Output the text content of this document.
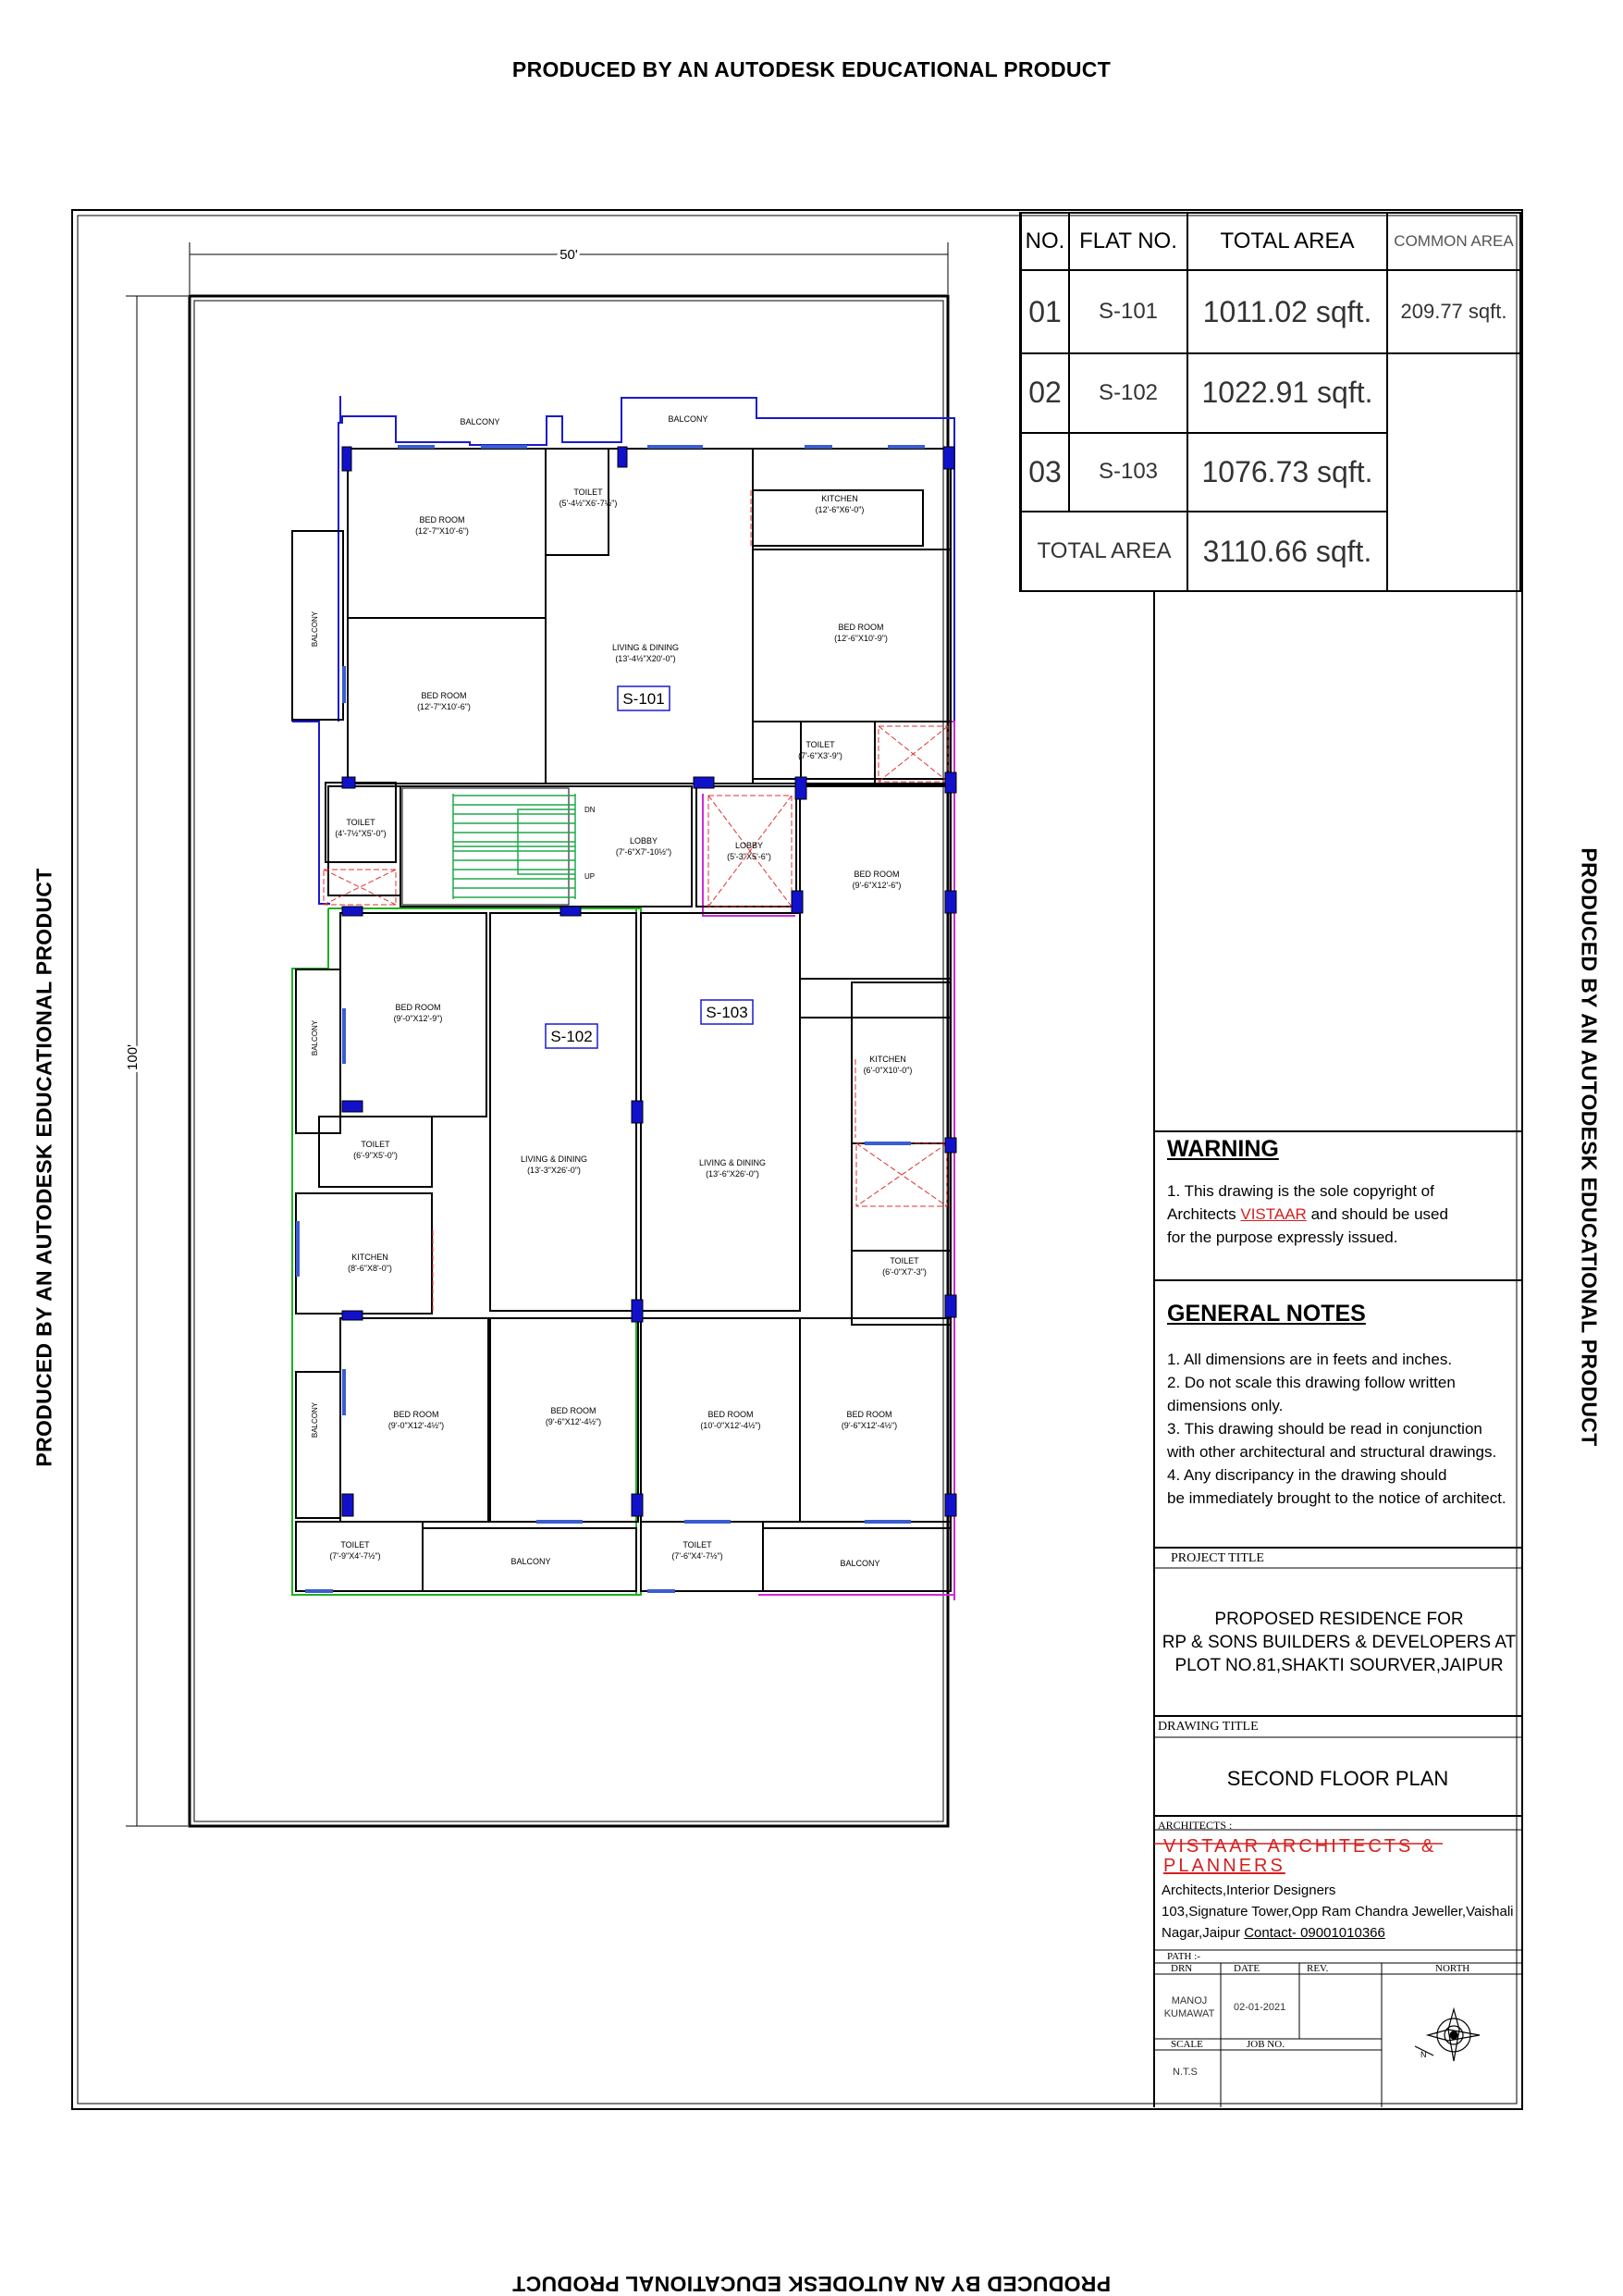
PRODUCED BY AN AUTODESK EDUCATIONAL PRODUCT
PRODUCED BY AN AUTODESK EDUCATIONAL PRODUCT	PRODUCED BY AN AUTODESK EDUCATIONAL PRODUCT
PRODUCED BY AN AUTODESK EDUCATIONAL PRODUCT
50'
100'
DN
UP
S-101
S-102
S-103
BALCONY	BALCONY
BED ROOM
(12'-7"X10'-6")
TOILET
(5'-4½"X6'-7½")	KITCHEN
(12'-6"X6'-0")
LIVING & DINING
(13'-4½"X20'-0")
BED ROOM
(12'-6"X10'-9")
BED ROOM
(12'-7"X10'-6")
TOILET
(7'-6"X3'-9")
TOILET
(4'-7½"X5'-0")
LOBBY
(7'-6"X7'-10½")
LOBBY
(5'-3"X5'-6")
BED ROOM
(9'-6"X12'-6")
BED ROOM
(9'-0"X12'-9")
KITCHEN
(6'-0"X10'-0")
TOILET
(6'-9"X5'-0")	LIVING & DINING
(13'-3"X26'-0")
LIVING & DINING
(13'-6"X26'-0")
KITCHEN
(8'-6"X8'-0")
TOILET
(6'-0"X7'-3")
BED ROOM
(9'-0"X12'-4½")
BED ROOM
(9'-6"X12'-4½")
BED ROOM
(10'-0"X12'-4½")
BED ROOM
(9'-6"X12'-4½")
TOILET
(7'-9"X4'-7½")
BALCONY
TOILET
(7'-6"X4'-7½")
BALCONY
BALCONY
BALCONY
BALCONY
N
NO.	FLAT NO.	TOTAL AREA	COMMON AREA
01	S-101	1011.02 sqft.	209.77 sqft.
02	S-102	1022.91 sqft.	
03	S-103	1076.73 sqft.	
TOTAL AREA		3110.66 sqft.	
WARNING
1. This drawing is the sole copyright of
Architects VISTAAR and should be used
for the purpose expressly issued.
GENERAL NOTES
1. All dimensions are in feets and inches.
2. Do not scale this drawing follow written
dimensions only.
3. This drawing should be read in conjunction
with other architectural and structural drawings.
4. Any discripancy in the drawing should
be immediately brought to the notice of architect.
PROJECT TITLE
PROPOSED RESIDENCE FOR
RP & SONS BUILDERS & DEVELOPERS AT
PLOT NO.81,SHAKTI SOURVER,JAIPUR
DRAWING TITLE
SECOND FLOOR PLAN
ARCHITECTS :
VISTAAR ARCHITECTS &
PLANNERS
Architects,Interior Designers
103,Signature Tower,Opp Ram Chandra Jeweller,Vaishali
Nagar,Jaipur Contact- 09001010366
PATH :-
DRN	DATE	REV.	NORTH
MANOJ
KUMAWAT
02-01-2021
SCALE	JOB NO.
N.T.S
